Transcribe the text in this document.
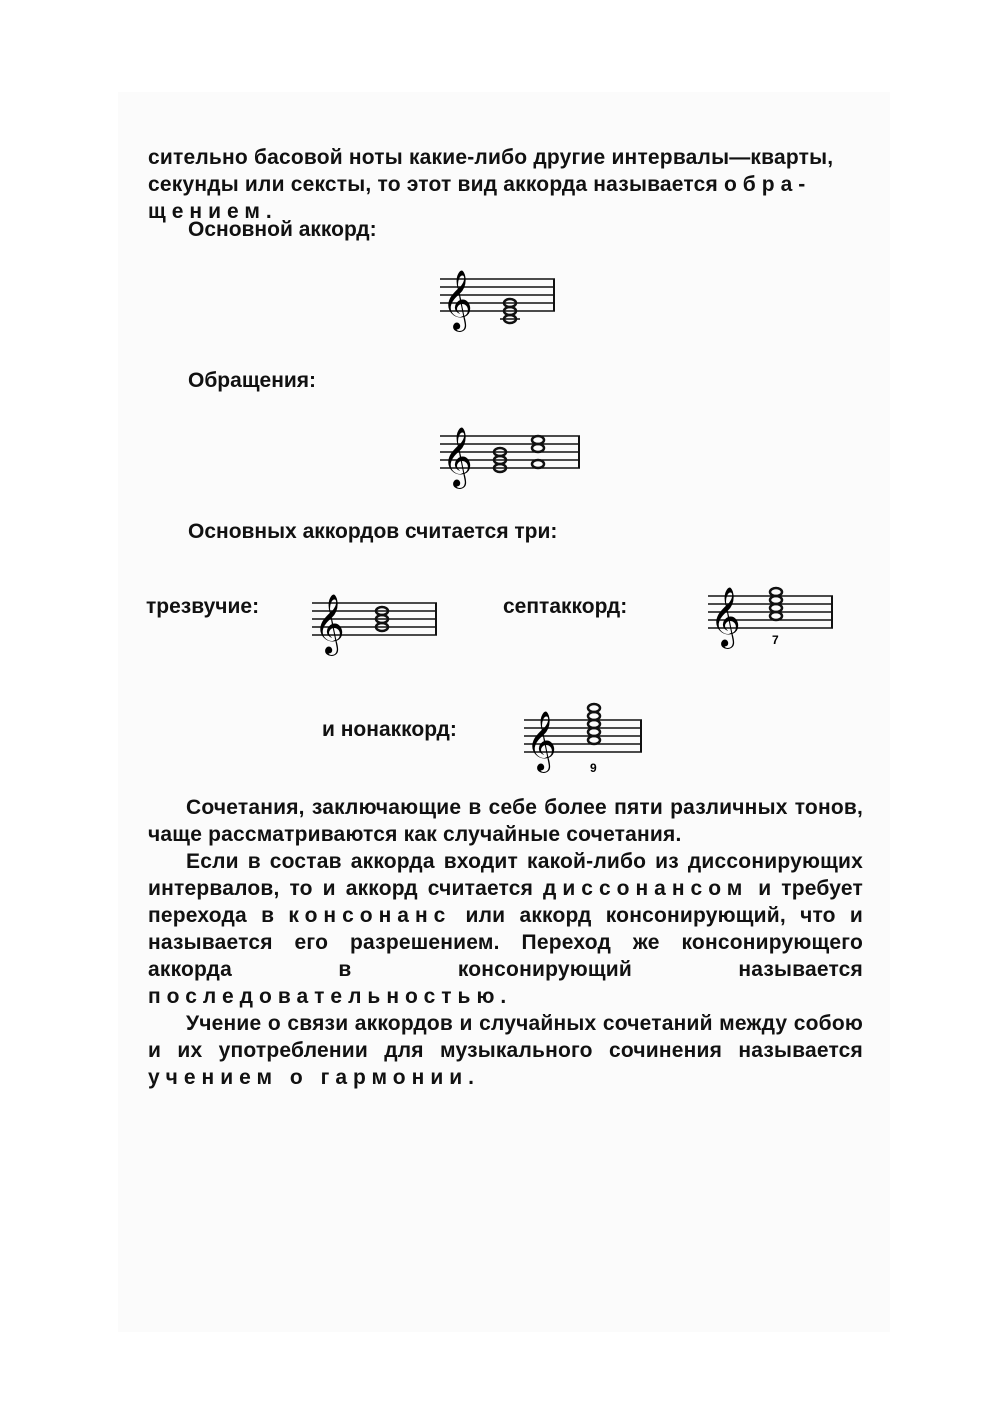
сительно басовой ноты какие-либо другие интервалы—кварты,
секунды или сексты, то этот вид аккорда называется обра-
щением.
Основной аккорд:
𝄞
Обращения:
𝄞
Основных аккордов считается три:
трезвучие: 𝄞	септаккорд: 𝄞	7
и нонаккорд: 𝄞	9

Сочетания, заключающие в себе более пяти различных тонов, чаще рассматриваются как случайные сочетания.

Если в состав аккорда входит какой-либо из диссонирующих интервалов, то и аккорд считается диссонансом и требует перехода в консонанс или аккорд консонирующий, что и называется его разрешением. Переход же консонирующего аккорда в консонирующий называется последовательностью.

Учение о связи аккордов и случайных сочетаний между собою и их употреблении для музыкального сочинения называется учением о гармонии.
